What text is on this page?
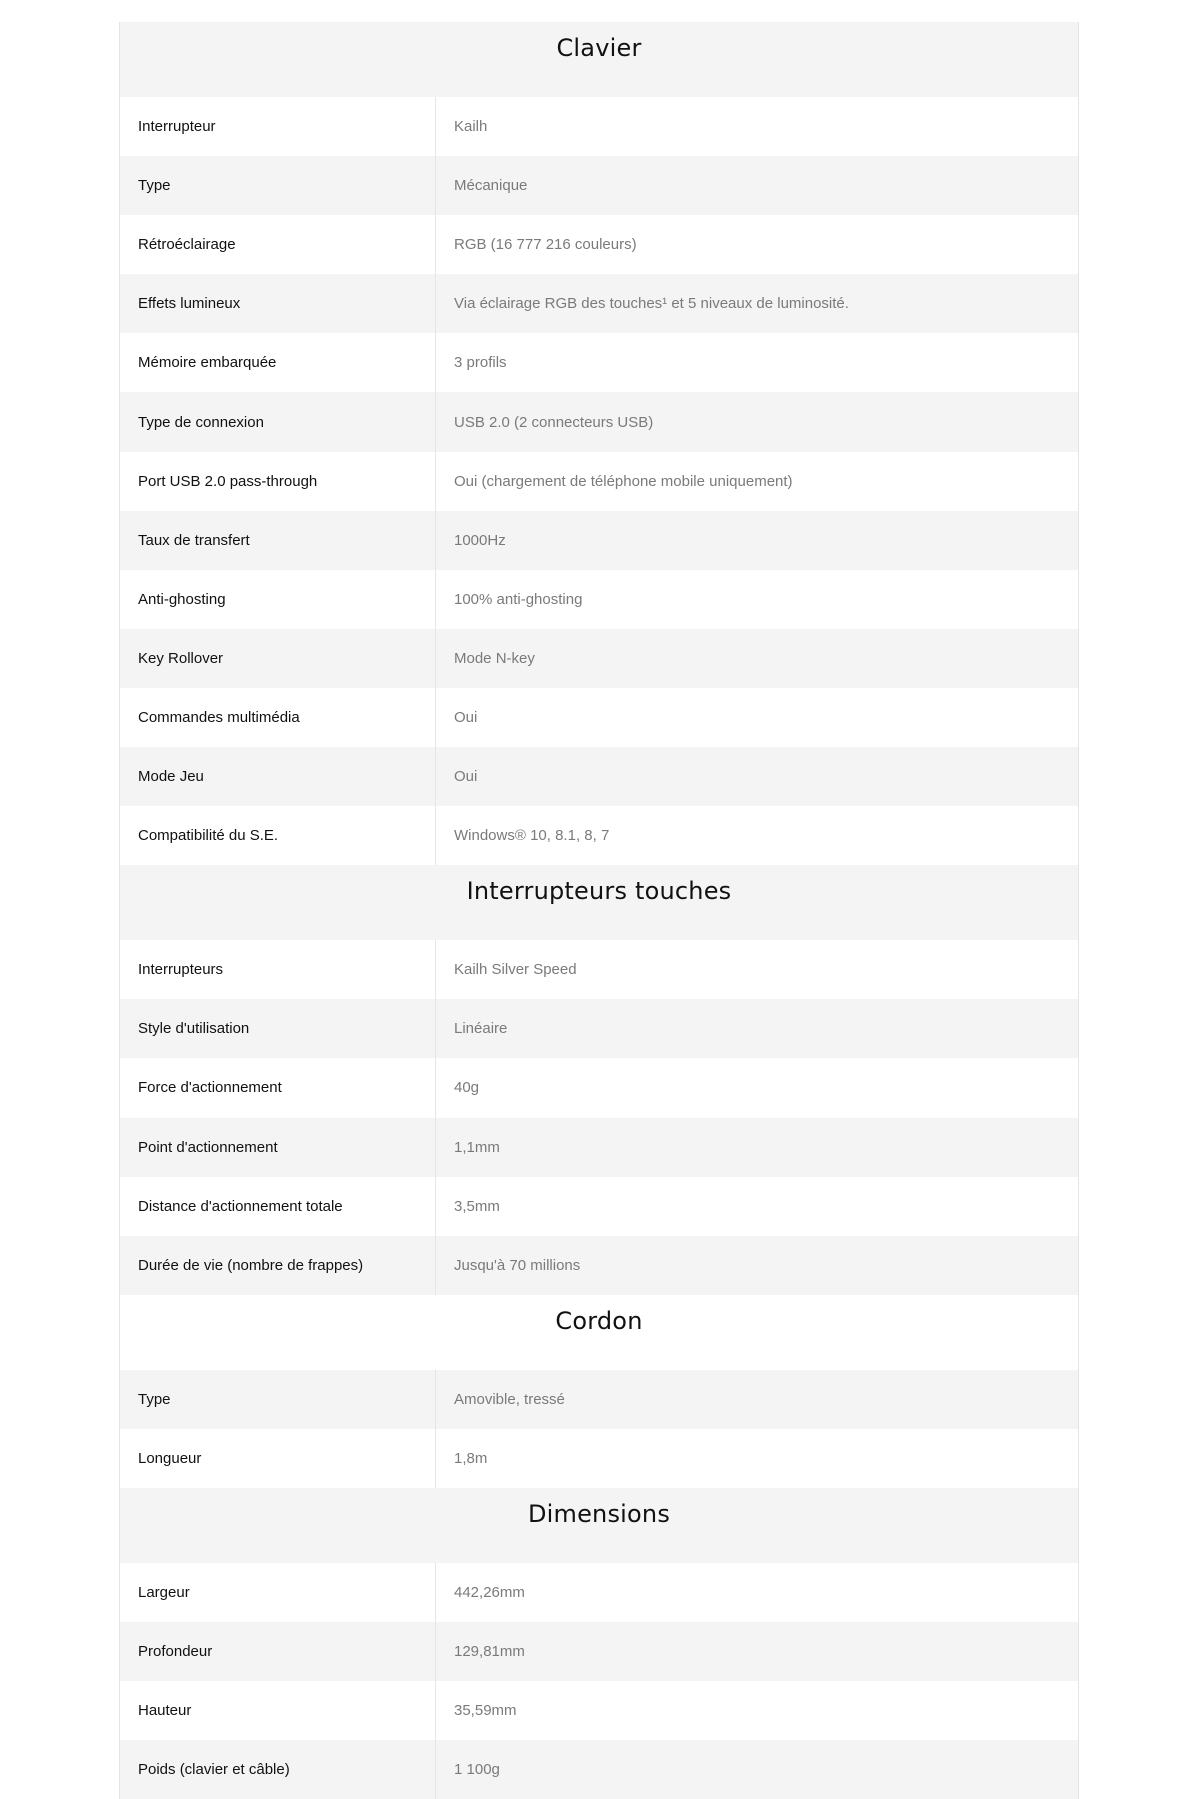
Clavier
Interrupteur	Kailh
Type	Mécanique
Rétroéclairage	RGB (16 777 216 couleurs)
Effets lumineux	Via éclairage RGB des touches¹ et 5 niveaux de luminosité.
Mémoire embarquée	3 profils
Type de connexion	USB 2.0 (2 connecteurs USB)
Port USB 2.0 pass-through	Oui (chargement de téléphone mobile uniquement)
Taux de transfert	1000Hz
Anti-ghosting	100% anti-ghosting
Key Rollover	Mode N-key
Commandes multimédia	Oui
Mode Jeu	Oui
Compatibilité du S.E.	Windows® 10, 8.1, 8, 7
Interrupteurs touches
Interrupteurs	Kailh Silver Speed
Style d'utilisation	Linéaire
Force d'actionnement	40g
Point d'actionnement	1,1mm
Distance d'actionnement totale	3,5mm
Durée de vie (nombre de frappes)	Jusqu'à 70 millions
Cordon
Type	Amovible, tressé
Longueur	1,8m
Dimensions
Largeur	442,26mm
Profondeur	129,81mm
Hauteur	35,59mm
Poids (clavier et câble)	1 100g
